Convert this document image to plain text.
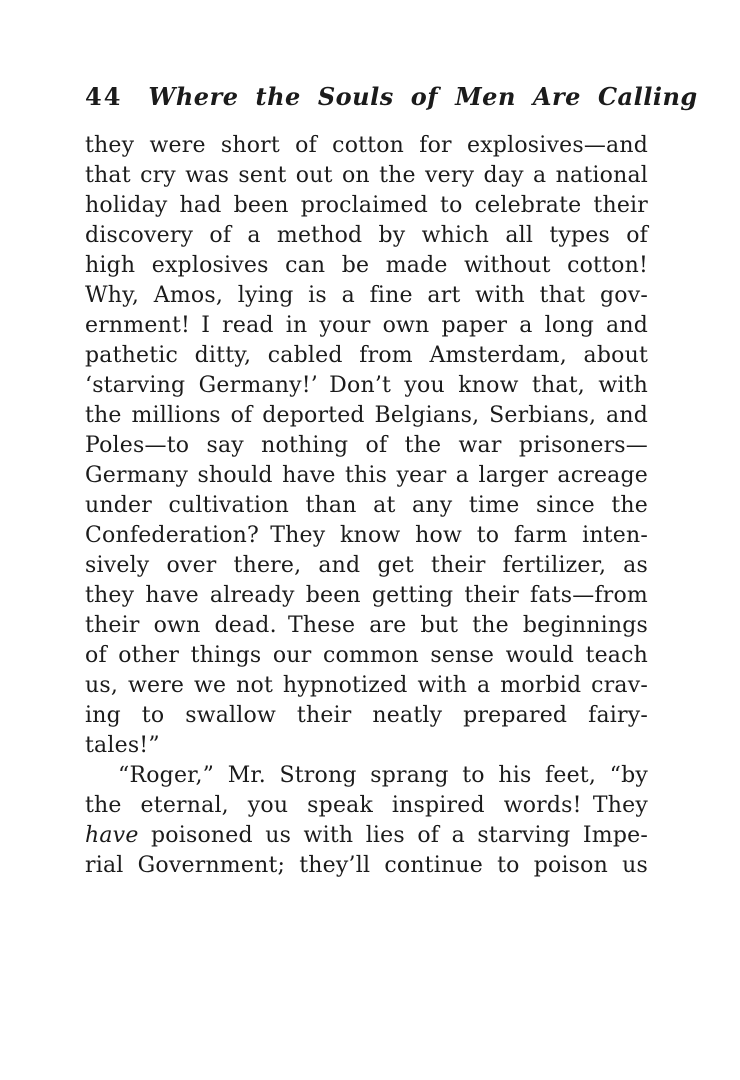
44 Where the Souls of Men Are Calling
they were short of cotton for explosives—and
that cry was sent out on the very day a national
holiday had been proclaimed to celebrate their
discovery of a method by which all types of
high explosives can be made without cotton!
Why, Amos, lying is a fine art with that gov-
ernment! I read in your own paper a long and
pathetic ditty, cabled from Amsterdam, about
‘starving Germany!’ Don’t you know that, with
the millions of deported Belgians, Serbians, and
Poles—to say nothing of the war prisoners—
Germany should have this year a larger acreage
under cultivation than at any time since the
Confederation? They know how to farm inten-
sively over there, and get their fertilizer, as
they have already been getting their fats—from
their own dead. These are but the beginnings
of other things our common sense would teach
us, were we not hypnotized with a morbid crav-
ing to swallow their neatly prepared fairy-
tales!”
“Roger,” Mr. Strong sprang to his feet, “by
the eternal, you speak inspired words! They
have poisoned us with lies of a starving Impe-
rial Government; they’ll continue to poison us
